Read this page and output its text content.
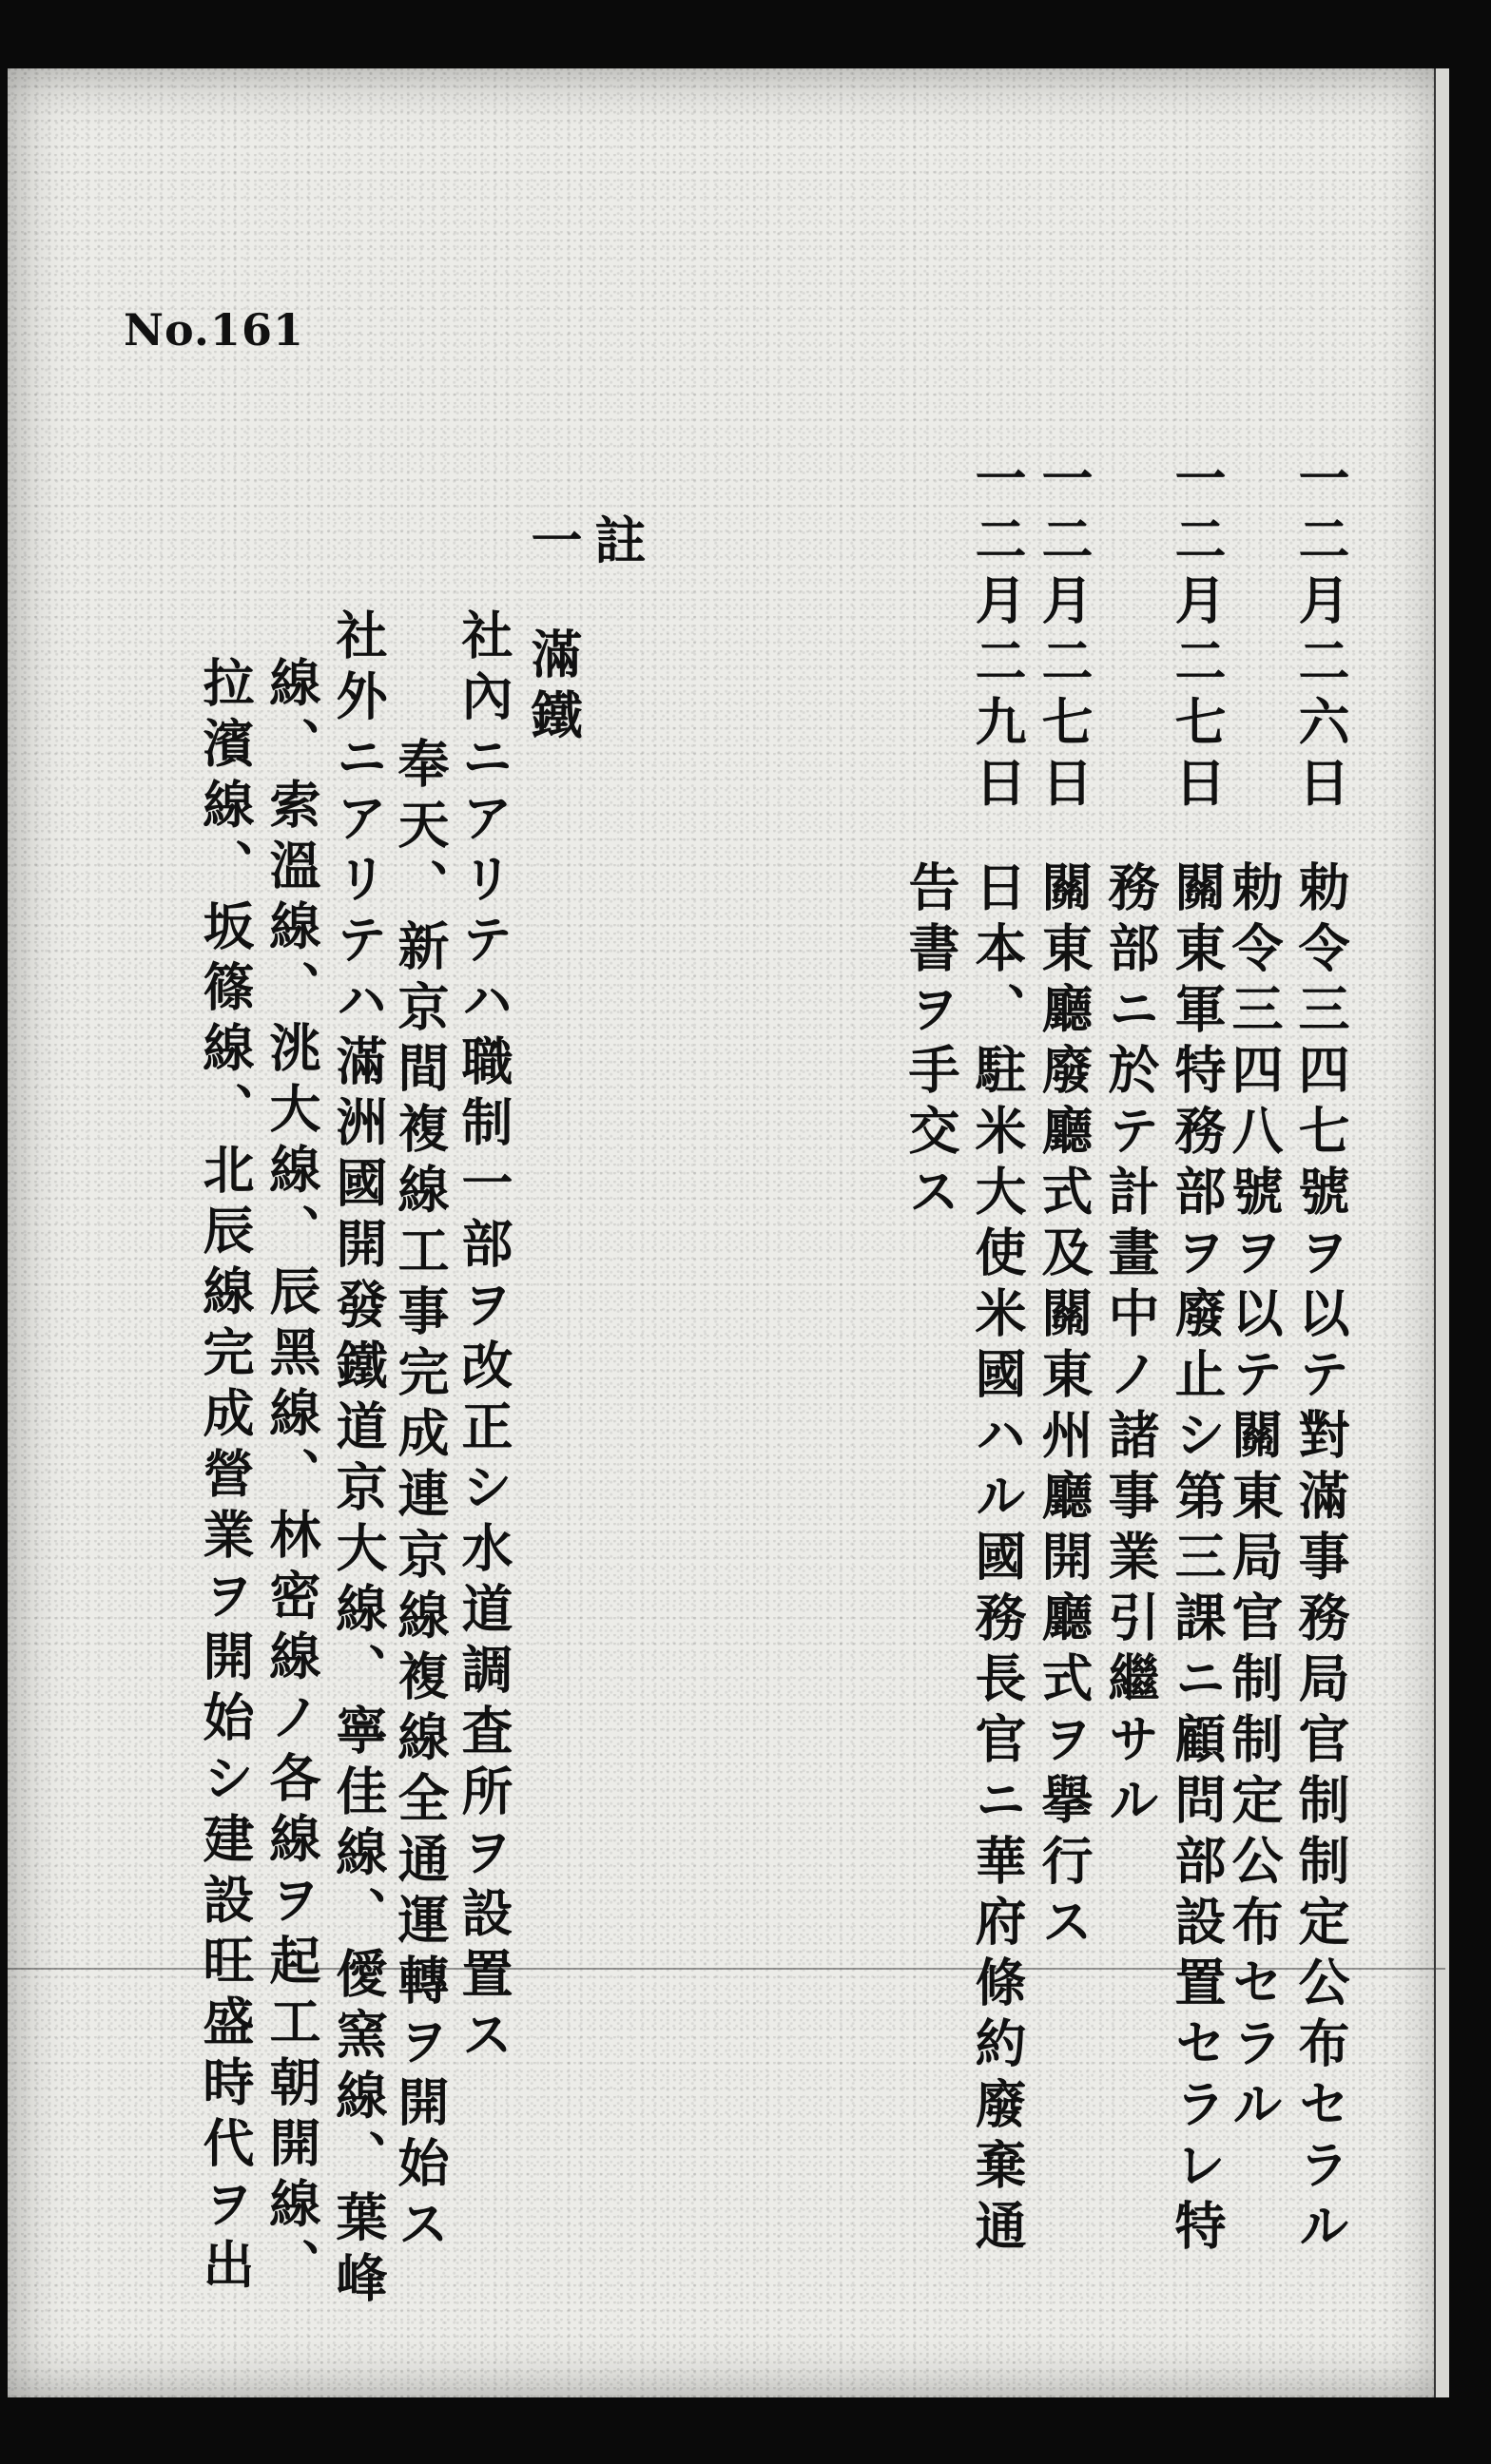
No.161
一二月二六日
勅令三四七號ヲ以テ對滿事務局官制制定公布セラル
一二月二七日
勅令三四八號ヲ以テ關東局官制制定公布セラル
關東軍特務部ヲ廢止シ第三課ニ顧問部設置セラレ特
務部ニ於テ計畫中ノ諸事業引繼サル
一二月二七日
關東廳廢廳式及關東州廳開廳式ヲ擧行ス
一二月二九日
日本、駐米大使米國ハル國務長官ニ華府條約廢棄通
告書ヲ手交ス
註
一
滿鐵
社內ニアリテハ職制一部ヲ改正シ水道調査所ヲ設置ス
奉天、新京間複線工事完成連京線複線全通運轉ヲ開始ス
社外ニアリテハ滿洲國開發鐵道京大線、寧佳線、僾窯線、葉峰
線、索溫線、洮大線、辰黑線、林密線ノ各線ヲ起工朝開線、
拉濱線、坂篠線、北辰線完成營業ヲ開始シ建設旺盛時代ヲ出
